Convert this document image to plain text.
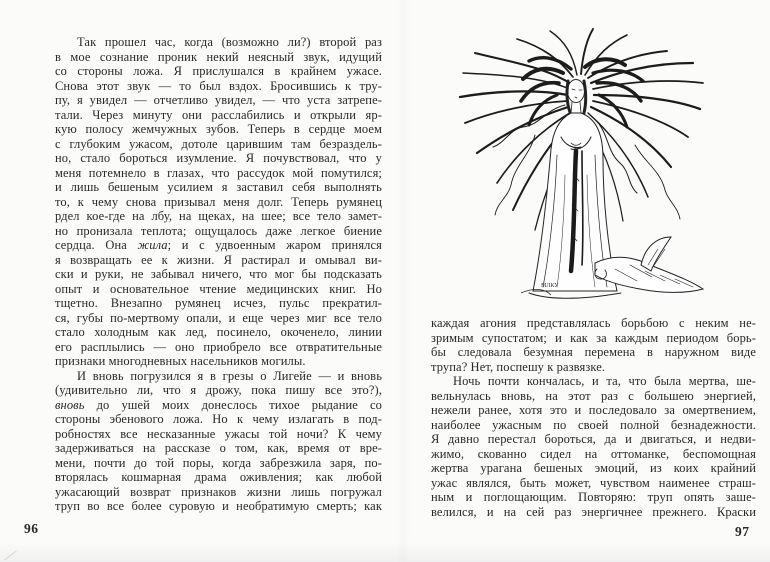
Так прошел час, когда (возможно ли?) второй раз
в мое сознание проник некий неясный звук, идущий
со стороны ложа. Я прислушался в крайнем ужасе.
Снова этот звук — то был вздох. Бросившись к тру-
пу, я увидел — отчетливо увидел, — что уста затрепе-
тали. Через минуту они расслабились и открыли яр-
кую полосу жемчужных зубов. Теперь в сердце моем
с глубоким ужасом, дотоле царившим там безраздель-
но, стало бороться изумление. Я почувствовал, что у
меня потемнело в глазах, что рассудок мой помутился;
и лишь бешеным усилием я заставил себя выполнять
то, к чему снова призывал меня долг. Теперь румянец
рдел кое-где на лбу, на щеках, на шее; все тело замет-
но пронизала теплота; ощущалось даже легкое биение
сердца. Она жила; и с удвоенным жаром принялся
я возвращать ее к жизни. Я растирал и омывал ви-
ски и руки, не забывал ничего, что мог бы подсказать
опыт и основательное чтение медицинских книг. Но
тщетно. Внезапно румянец исчез, пульс прекратил-
ся, губы по-мертвому опали, и еще через миг все тело
стало холодным как лед, посинело, окоченело, линии
его расплылись — оно приобрело все отвратительные
признаки многодневных насельников могилы.
И вновь погрузился я в грезы о Лигейе — и вновь
(удивительно ли, что я дрожу, пока пишу все это?),
вновь до ушей моих донеслось тихое рыдание со
стороны эбенового ложа. Но к чему излагать в под-
робностях все несказанные ужасы той ночи? К чему
задерживаться на рассказе о том, как, время от вре-
мени, почти до той поры, когда забрезжила заря, по-
вторялась кошмарная драма оживления; как любой
ужасающий возврат признаков жизни лишь погружал
труп во все более суровую и необратимую смерть; как
96
МЛКУ
каждая агония представлялась борьбою с неким не-
зримым супостатом; и как за каждым периодом борь-
бы следовала безумная перемена в наружном виде
трупа? Нет, поспешу к развязке.
Ночь почти кончалась, и та, что была мертва, ше-
вельнулась вновь, на этот раз с большею энергией,
нежели ранее, хотя это и последовало за омертвением,
наиболее ужасным по своей полной безнадежности.
Я давно перестал бороться, да и двигаться, и недви-
жимо, скованно сидел на оттоманке, беспомощная
жертва урагана бешеных эмоций, из коих крайний
ужас являлся, быть может, чувством наименее страш-
ным и поглощающим. Повторяю: труп опять заше-
велился, и на сей раз энергичнее прежнего. Краски
97
